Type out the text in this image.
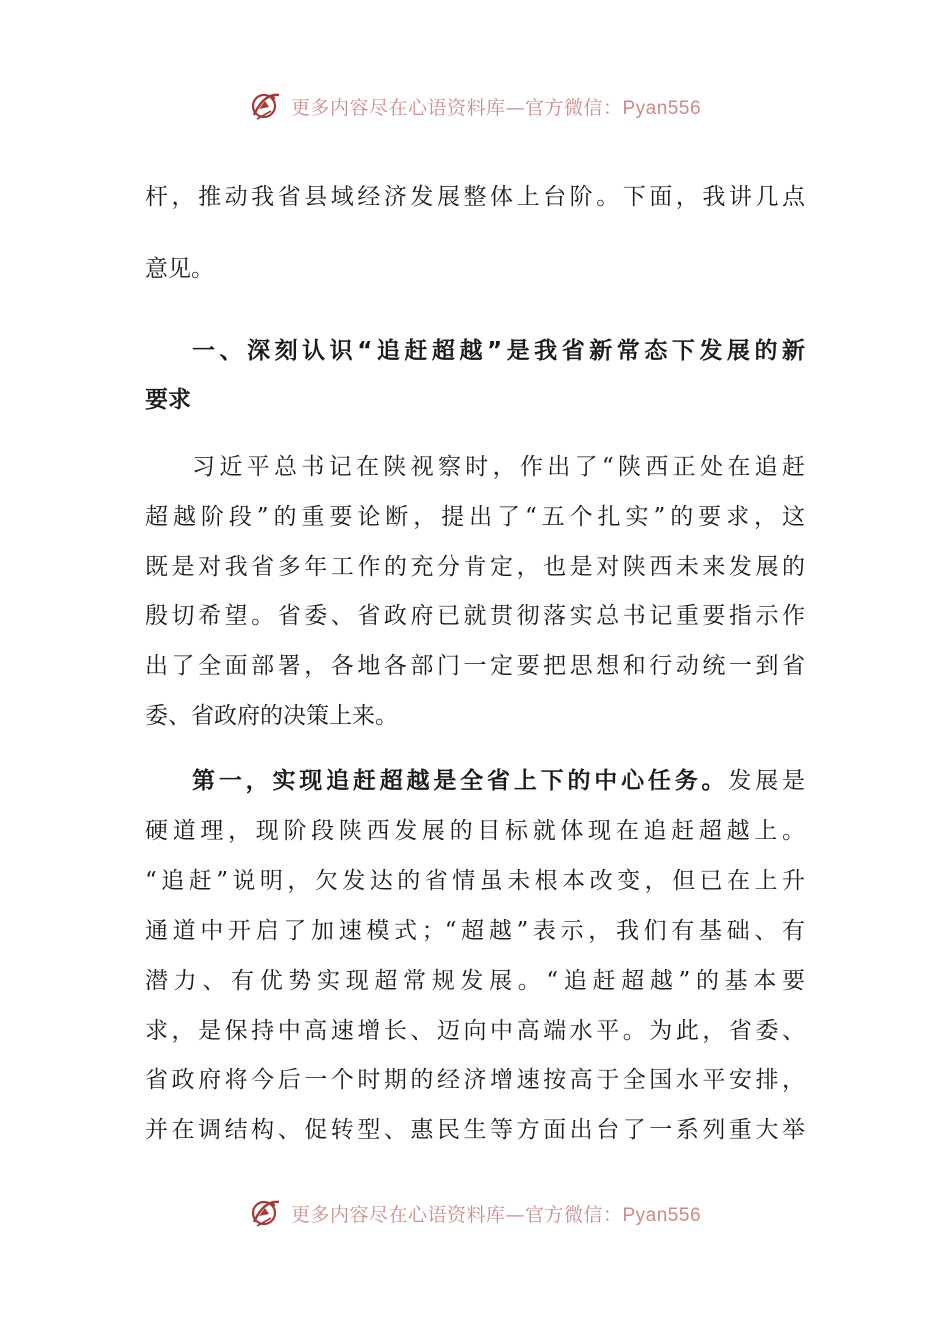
更多内容尽在心语资料库—官方微信：Pyan556
杆，推动我省县域经济发展整体上台阶。下面，我讲几点
意见。
一、深刻认识“追赶超越”是我省新常态下发展的新
要求
习近平总书记在陕视察时，作出了“陕西正处在追赶
超越阶段”的重要论断，提出了“五个扎实”的要求，这
既是对我省多年工作的充分肯定，也是对陕西未来发展的
殷切希望。省委、省政府已就贯彻落实总书记重要指示作
出了全面部署，各地各部门一定要把思想和行动统一到省
委、省政府的决策上来。
第一，实现追赶超越是全省上下的中心任务。发展是
硬道理，现阶段陕西发展的目标就体现在追赶超越上。
“追赶”说明，欠发达的省情虽未根本改变，但已在上升
通道中开启了加速模式；“超越”表示，我们有基础、有
潜力、有优势实现超常规发展。“追赶超越”的基本要
求，是保持中高速增长、迈向中高端水平。为此，省委、
省政府将今后一个时期的经济增速按高于全国水平安排，
并在调结构、促转型、惠民生等方面出台了一系列重大举
更多内容尽在心语资料库—官方微信：Pyan556
